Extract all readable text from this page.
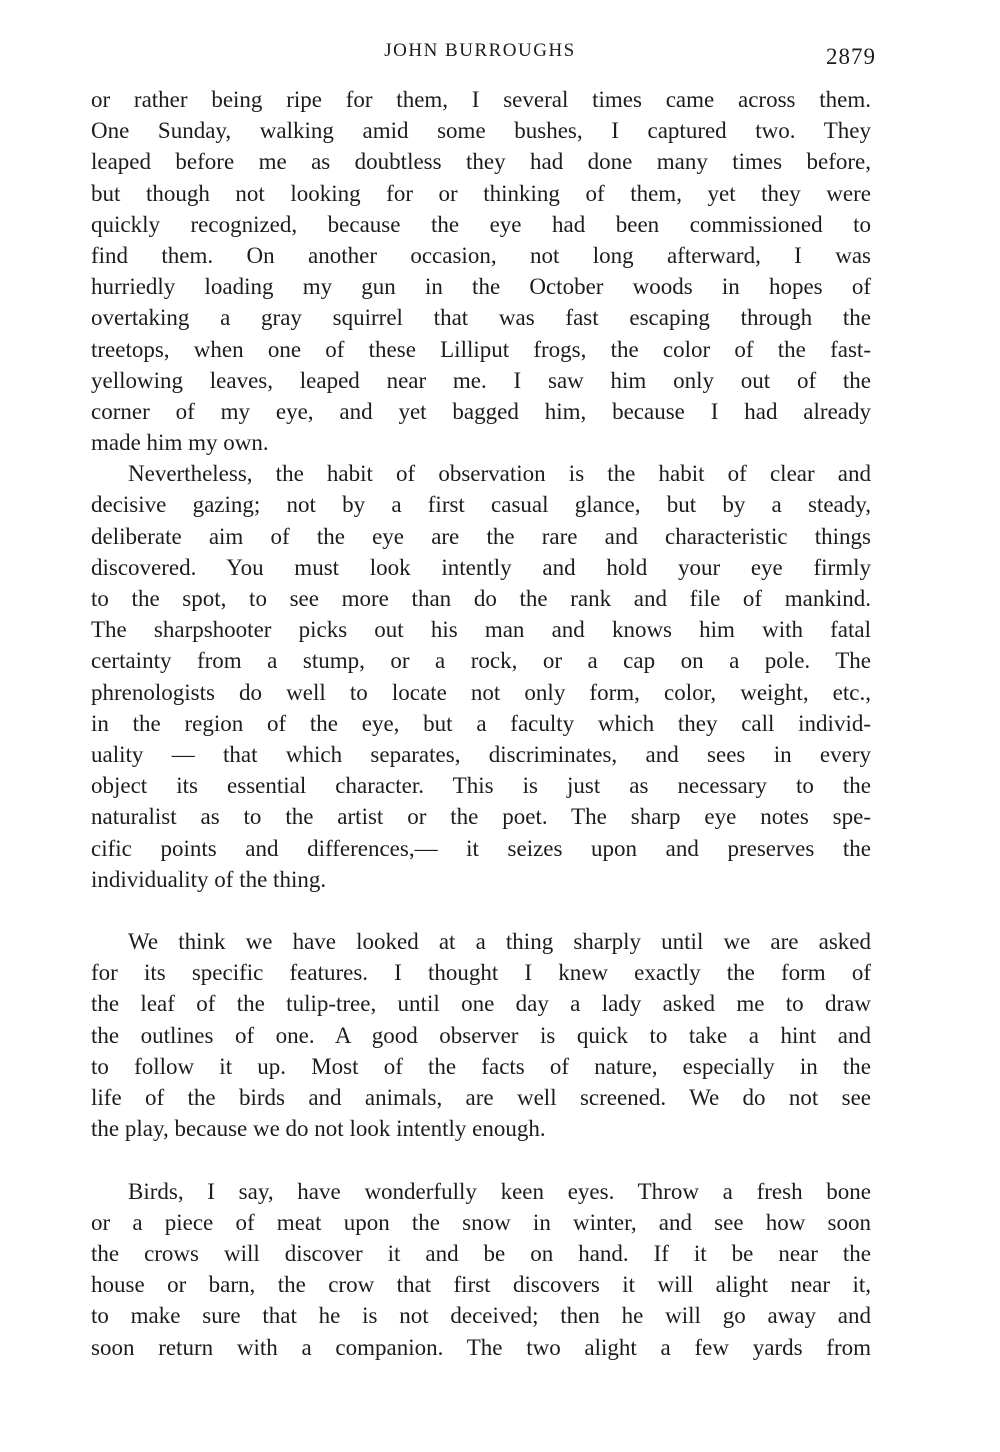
JOHN BURROUGHS	2879
or rather being ripe for them, I several times came across them.
One Sunday, walking amid some bushes, I captured two. They
leaped before me as doubtless they had done many times before,
but though not looking for or thinking of them, yet they were
quickly recognized, because the eye had been commissioned to
find them. On another occasion, not long afterward, I was
hurriedly loading my gun in the October woods in hopes of
overtaking a gray squirrel that was fast escaping through the
treetops, when one of these Lilliput frogs, the color of the fast-
yellowing leaves, leaped near me. I saw him only out of the
corner of my eye, and yet bagged him, because I had already
made him my own.
Nevertheless, the habit of observation is the habit of clear and
decisive gazing; not by a first casual glance, but by a steady,
deliberate aim of the eye are the rare and characteristic things
discovered. You must look intently and hold your eye firmly
to the spot, to see more than do the rank and file of mankind.
The sharpshooter picks out his man and knows him with fatal
certainty from a stump, or a rock, or a cap on a pole. The
phrenologists do well to locate not only form, color, weight, etc.,
in the region of the eye, but a faculty which they call individ-
uality — that which separates, discriminates, and sees in every
object its essential character. This is just as necessary to the
naturalist as to the artist or the poet. The sharp eye notes spe-
cific points and differences,— it seizes upon and preserves the
individuality of the thing.
We think we have looked at a thing sharply until we are asked
for its specific features. I thought I knew exactly the form of
the leaf of the tulip-tree, until one day a lady asked me to draw
the outlines of one. A good observer is quick to take a hint and
to follow it up. Most of the facts of nature, especially in the
life of the birds and animals, are well screened. We do not see
the play, because we do not look intently enough.
Birds, I say, have wonderfully keen eyes. Throw a fresh bone
or a piece of meat upon the snow in winter, and see how soon
the crows will discover it and be on hand. If it be near the
house or barn, the crow that first discovers it will alight near it,
to make sure that he is not deceived; then he will go away and
soon return with a companion. The two alight a few yards from
